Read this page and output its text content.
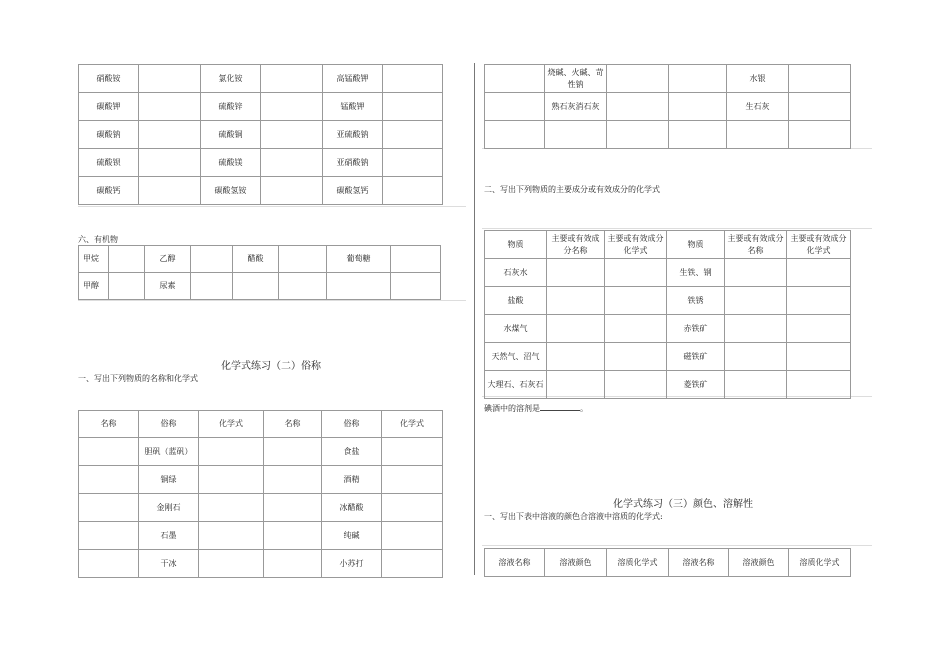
硝酸铵		氯化铵		高锰酸钾	
碳酸钾		硫酸锌		锰酸钾	
碳酸钠		硫酸铜		亚硫酸钠	
硫酸钡		硫酸镁		亚硝酸钠	
碳酸钙		碳酸氢铵		碳酸氢钙	
六、有机物
甲烷		乙醇		醋酸		葡萄糖	
甲醇		尿素					
化学式练习（二）俗称
一、写出下列物质的名称和化学式
名称	俗称	化学式	名称	俗称	化学式
	胆矾（蓝矾）			食盐	
	铜绿			酒精	
	金刚石			冰醋酸	
	石墨			纯碱	
	干冰			小苏打	
	烧碱、火碱、苛性钠			水银	
	熟石灰消石灰			生石灰	

二、写出下列物质的主要成分或有效成分的化学式
物质	主要或有效成分名称	主要或有效成分化学式	物质	主要或有效成分名称	主要或有效成分化学式
石灰水			生铁、钢		
盐酸			铁锈		
水煤气			赤铁矿		
天然气、沼气			磁铁矿		
大理石、石灰石			菱铁矿		
碘酒中的溶剂是	。
化学式练习（三）颜色、溶解性
一、写出下表中溶液的颜色合溶液中溶质的化学式:
溶液名称	溶液颜色	溶质化学式	溶液名称	溶液颜色	溶质化学式
